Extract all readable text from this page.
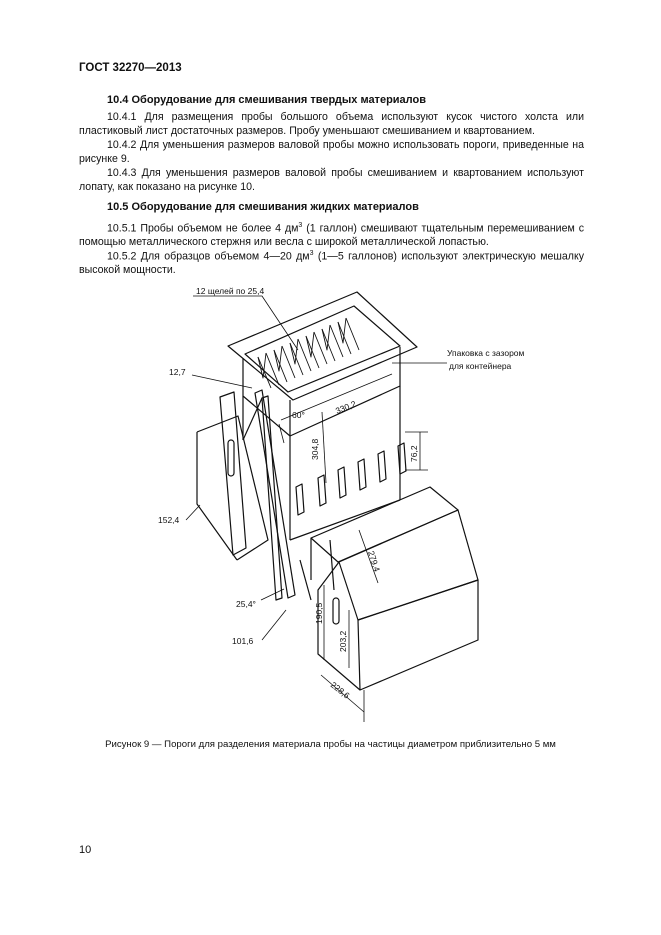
ГОСТ 32270—2013
10.4 Оборудование для смешивания твердых материалов
10.4.1 Для размещения пробы большого объема используют кусок чистого холста или пластиковый лист достаточных размеров. Пробу уменьшают смешиванием и квартованием.
10.4.2 Для уменьшения размеров валовой пробы можно использовать пороги, приведенные на рисунке 9.
10.4.3 Для уменьшения размеров валовой пробы смешиванием и квартованием используют лопату, как показано на рисунке 10.
10.5 Оборудование для смешивания жидких материалов
10.5.1 Пробы объемом не более 4 $дм^3$ (1 галлон) смешивают тщательным перемешиванием с помощью металлического стержня или весла с широкой металлической лопастью.
10.5.2 Для образцов объемом 4—20 $дм^3$ (1—5 галлонов) используют электрическую мешалку высокой мощности.
12 щелей по 25,4
Упаковка с зазором
для контейнера
12,7
60°	330,2
304,8	76,2
152,4
279,4
25,4°
101,6
190,5
203,2
228,6
Рисунок 9 — Пороги для разделения материала пробы на частицы диаметром приблизительно 5 мм
10
